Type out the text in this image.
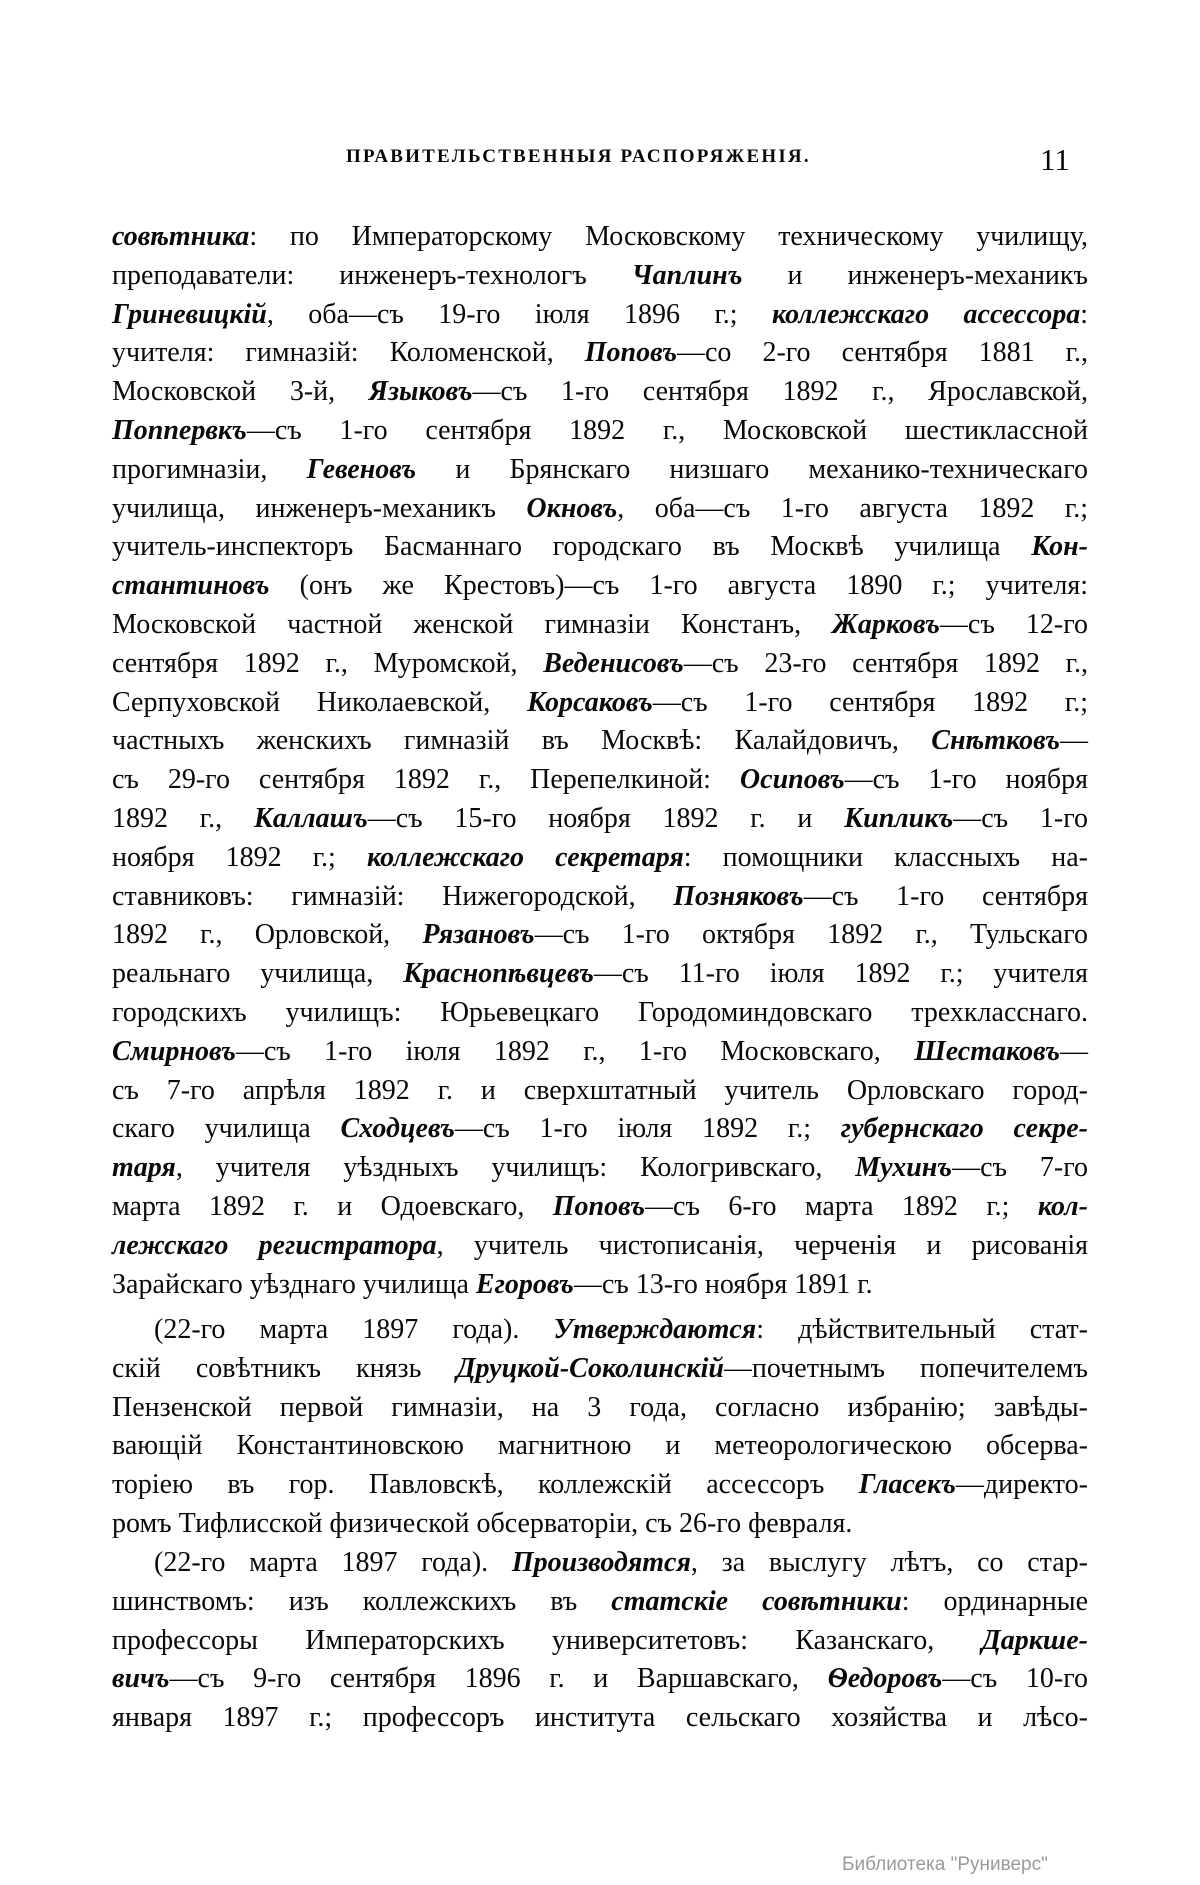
ПРАВИТЕЛЬСТВЕННЫЯ РАСПОРЯЖЕНІЯ.	11
совѣтника: по Императорскому Московскому техническому училищу,
преподаватели: инженеръ-технологъ Чаплинъ и инженеръ-механикъ
Гриневицкій, оба—съ 19-го іюля 1896 г.; коллежскаго ассессора:
учителя: гимназій: Коломенской, Поповъ—со 2-го сентября 1881 г.,
Московской 3-й, Языковъ—съ 1-го сентября 1892 г., Ярославской,
Поппервкъ—съ 1-го сентября 1892 г., Московской шестиклассной
прогимназіи, Гевеновъ и Брянскаго низшаго механико-техническаго
училища, инженеръ-механикъ Окновъ, оба—съ 1-го августа 1892 г.;
учитель-инспекторъ Басманнаго городскаго въ Москвѣ училища Кон-
стантиновъ (онъ же Крестовъ)—съ 1-го августа 1890 г.; учителя:
Московской частной женской гимназіи Констанъ, Жарковъ—съ 12-го
сентября 1892 г., Муромской, Веденисовъ—съ 23-го сентября 1892 г.,
Серпуховской Николаевской, Корсаковъ—съ 1-го сентября 1892 г.;
частныхъ женскихъ гимназій въ Москвѣ: Калайдовичъ, Снѣтковъ—
съ 29-го сентября 1892 г., Перепелкиной: Осиповъ—съ 1-го ноября
1892 г., Каллашъ—съ 15-го ноября 1892 г. и Кипликъ—съ 1-го
ноября 1892 г.; коллежскаго секретаря: помощники классныхъ на-
ставниковъ: гимназій: Нижегородской, Позняковъ—съ 1-го сентября
1892 г., Орловской, Рязановъ—съ 1-го октября 1892 г., Тульскаго
реальнаго училища, Краснопѣвцевъ—съ 11-го іюля 1892 г.; учителя
городскихъ училищъ: Юрьевецкаго Городоминдовскаго трехкласснаго.
Смирновъ—съ 1-го іюля 1892 г., 1-го Московскаго, Шестаковъ—
съ 7-го апрѣля 1892 г. и сверхштатный учитель Орловскаго город-
скаго училища Сходцевъ—съ 1-го іюля 1892 г.; губернскаго секре-
таря, учителя уѣздныхъ училищъ: Кологривскаго, Мухинъ—съ 7-го
марта 1892 г. и Одоевскаго, Поповъ—съ 6-го марта 1892 г.; кол-
лежскаго регистратора, учитель чистописанія, черченія и рисованія
Зарайскаго уѣзднаго училища Егоровъ—съ 13-го ноября 1891 г.
(22-го марта 1897 года). Утверждаются: дѣйствительный стат-
скій совѣтникъ князь Друцкой-Соколинскій—почетнымъ попечителемъ
Пензенской первой гимназіи, на 3 года, согласно избранію; завѣды-
вающій Константиновскою магнитною и метеорологическою обсерва-
торіею въ гор. Павловскѣ, коллежскій ассессоръ Гласекъ—директо-
ромъ Тифлисской физической обсерваторіи, съ 26-го февраля.
(22-го марта 1897 года). Производятся, за выслугу лѣтъ, со стар-
шинствомъ: изъ коллежскихъ въ статскіе совѣтники: ординарные
профессоры Императорскихъ университетовъ: Казанскаго, Даркше-
вичъ—съ 9-го сентября 1896 г. и Варшавскаго, Ѳедоровъ—съ 10-го
января 1897 г.; профессоръ института сельскаго хозяйства и лѣсо-
Библиотека "Руниверс"
